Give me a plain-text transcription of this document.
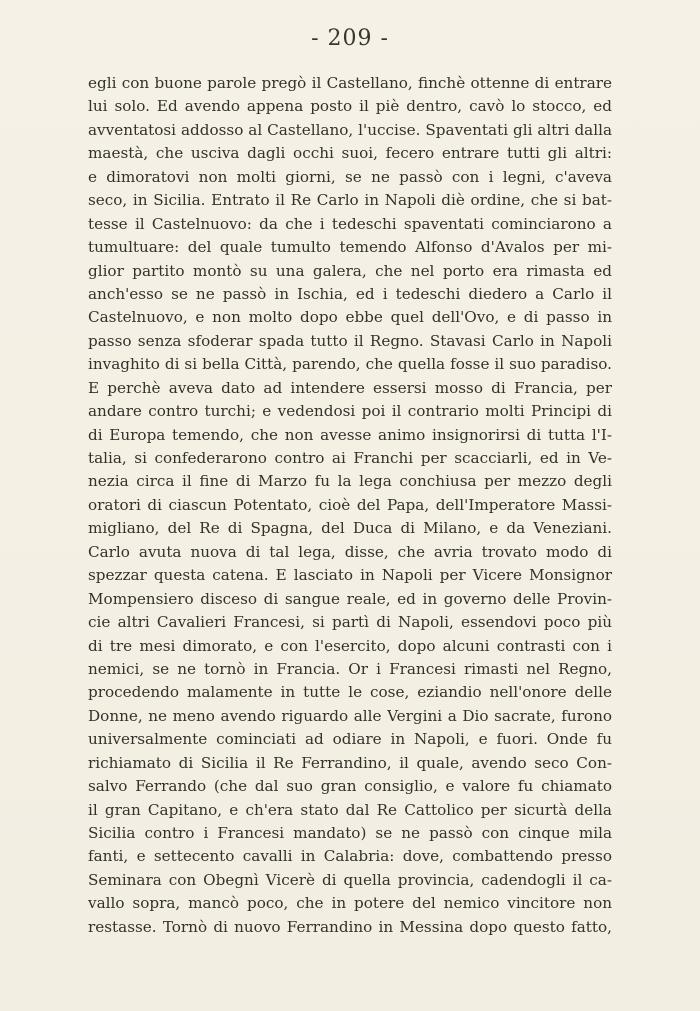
- 209 -
egli con buone parole pregò il Castellano, finchè ottenne di entrare
lui solo. Ed avendo appena posto il piè dentro, cavò lo stocco, ed
avventatosi addosso al Castellano, l'uccise. Spaventati gli altri dalla
maestà, che usciva dagli occhi suoi, fecero entrare tutti gli altri:
e dimoratovi non molti giorni, se ne passò con i legni, c'aveva
seco, in Sicilia. Entrato il Re Carlo in Napoli diè ordine, che si bat-
tesse il Castelnuovo: da che i tedeschi spaventati cominciarono a
tumultuare: del quale tumulto temendo Alfonso d'Avalos per mi-
glior partito montò su una galera, che nel porto era rimasta ed
anch'esso se ne passò in Ischia, ed i tedeschi diedero a Carlo il
Castelnuovo, e non molto dopo ebbe quel dell'Ovo, e di passo in
passo senza sfoderar spada tutto il Regno. Stavasi Carlo in Napoli
invaghito di si bella Città, parendo, che quella fosse il suo paradiso.
E perchè aveva dato ad intendere essersi mosso di Francia, per
andare contro turchi; e vedendosi poi il contrario molti Principi di
di Europa temendo, che non avesse animo insignorirsi di tutta l'I-
talia, si confederarono contro ai Franchi per scacciarli, ed in Ve-
nezia circa il fine di Marzo fu la lega conchiusa per mezzo degli
oratori di ciascun Potentato, cioè del Papa, dell'Imperatore Massi-
migliano, del Re di Spagna, del Duca di Milano, e da Veneziani.
Carlo avuta nuova di tal lega, disse, che avria trovato modo di
spezzar questa catena. E lasciato in Napoli per Vicere Monsignor
Mompensiero disceso di sangue reale, ed in governo delle Provin-
cie altri Cavalieri Francesi, si partì di Napoli, essendovi poco più
di tre mesi dimorato, e con l'esercito, dopo alcuni contrasti con i
nemici, se ne tornò in Francia. Or i Francesi rimasti nel Regno,
procedendo malamente in tutte le cose, eziandio nell'onore delle
Donne, ne meno avendo riguardo alle Vergini a Dio sacrate, furono
universalmente cominciati ad odiare in Napoli, e fuori. Onde fu
richiamato di Sicilia il Re Ferrandino, il quale, avendo seco Con-
salvo Ferrando (che dal suo gran consiglio, e valore fu chiamato
il gran Capitano, e ch'era stato dal Re Cattolico per sicurtà della
Sicilia contro i Francesi mandato) se ne passò con cinque mila
fanti, e settecento cavalli in Calabria: dove, combattendo presso
Seminara con Obegnì Vicerè di quella provincia, cadendogli il ca-
vallo sopra, mancò poco, che in potere del nemico vincitore non
restasse. Tornò di nuovo Ferrandino in Messina dopo questo fatto,
